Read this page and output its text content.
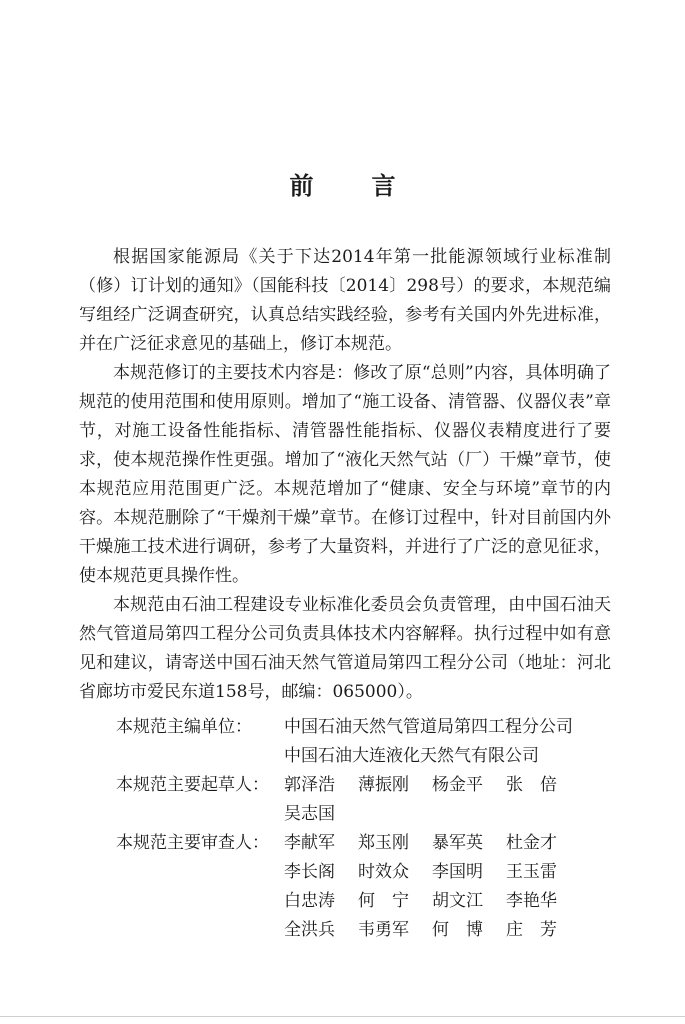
前 言

根据国家能源局《关于下达2014年第一批能源领域行业标准制（修）订计划的通知》（国能科技〔2014〕298号）的要求，本规范编写组经广泛调查研究，认真总结实践经验，参考有关国内外先进标准，并在广泛征求意见的基础上，修订本规范。

本规范修订的主要技术内容是：修改了原“总则”内容，具体明确了规范的使用范围和使用原则。增加了“施工设备、清管器、仪器仪表”章节，对施工设备性能指标、清管器性能指标、仪器仪表精度进行了要求，使本规范操作性更强。增加了“液化天然气站（厂）干燥”章节，使本规范应用范围更广泛。本规范增加了“健康、安全与环境”章节的内容。本规范删除了“干燥剂干燥”章节。在修订过程中，针对目前国内外干燥施工技术进行调研，参考了大量资料，并进行了广泛的意见征求，使本规范更具操作性。

本规范由石油工程建设专业标准化委员会负责管理，由中国石油天然气管道局第四工程分公司负责具体技术内容解释。执行过程中如有意见和建议，请寄送中国石油天然气管道局第四工程分公司（地址：河北省廊坊市爱民东道158号，邮编：065000）。

本规范主编单位：	中国石油天然气管道局第四工程分公司
中国石油大连液化天然气有限公司
本规范主要起草人： 郭泽浩	薄振刚	杨金平	张　倍
吴志国
本规范主要审查人： 李献军	郑玉刚	暴军英	杜金才
李长阁	时效众	李国明	王玉雷
白忠涛	何　宁	胡文江	李艳华
全洪兵	韦勇军	何　博	庄　芳
